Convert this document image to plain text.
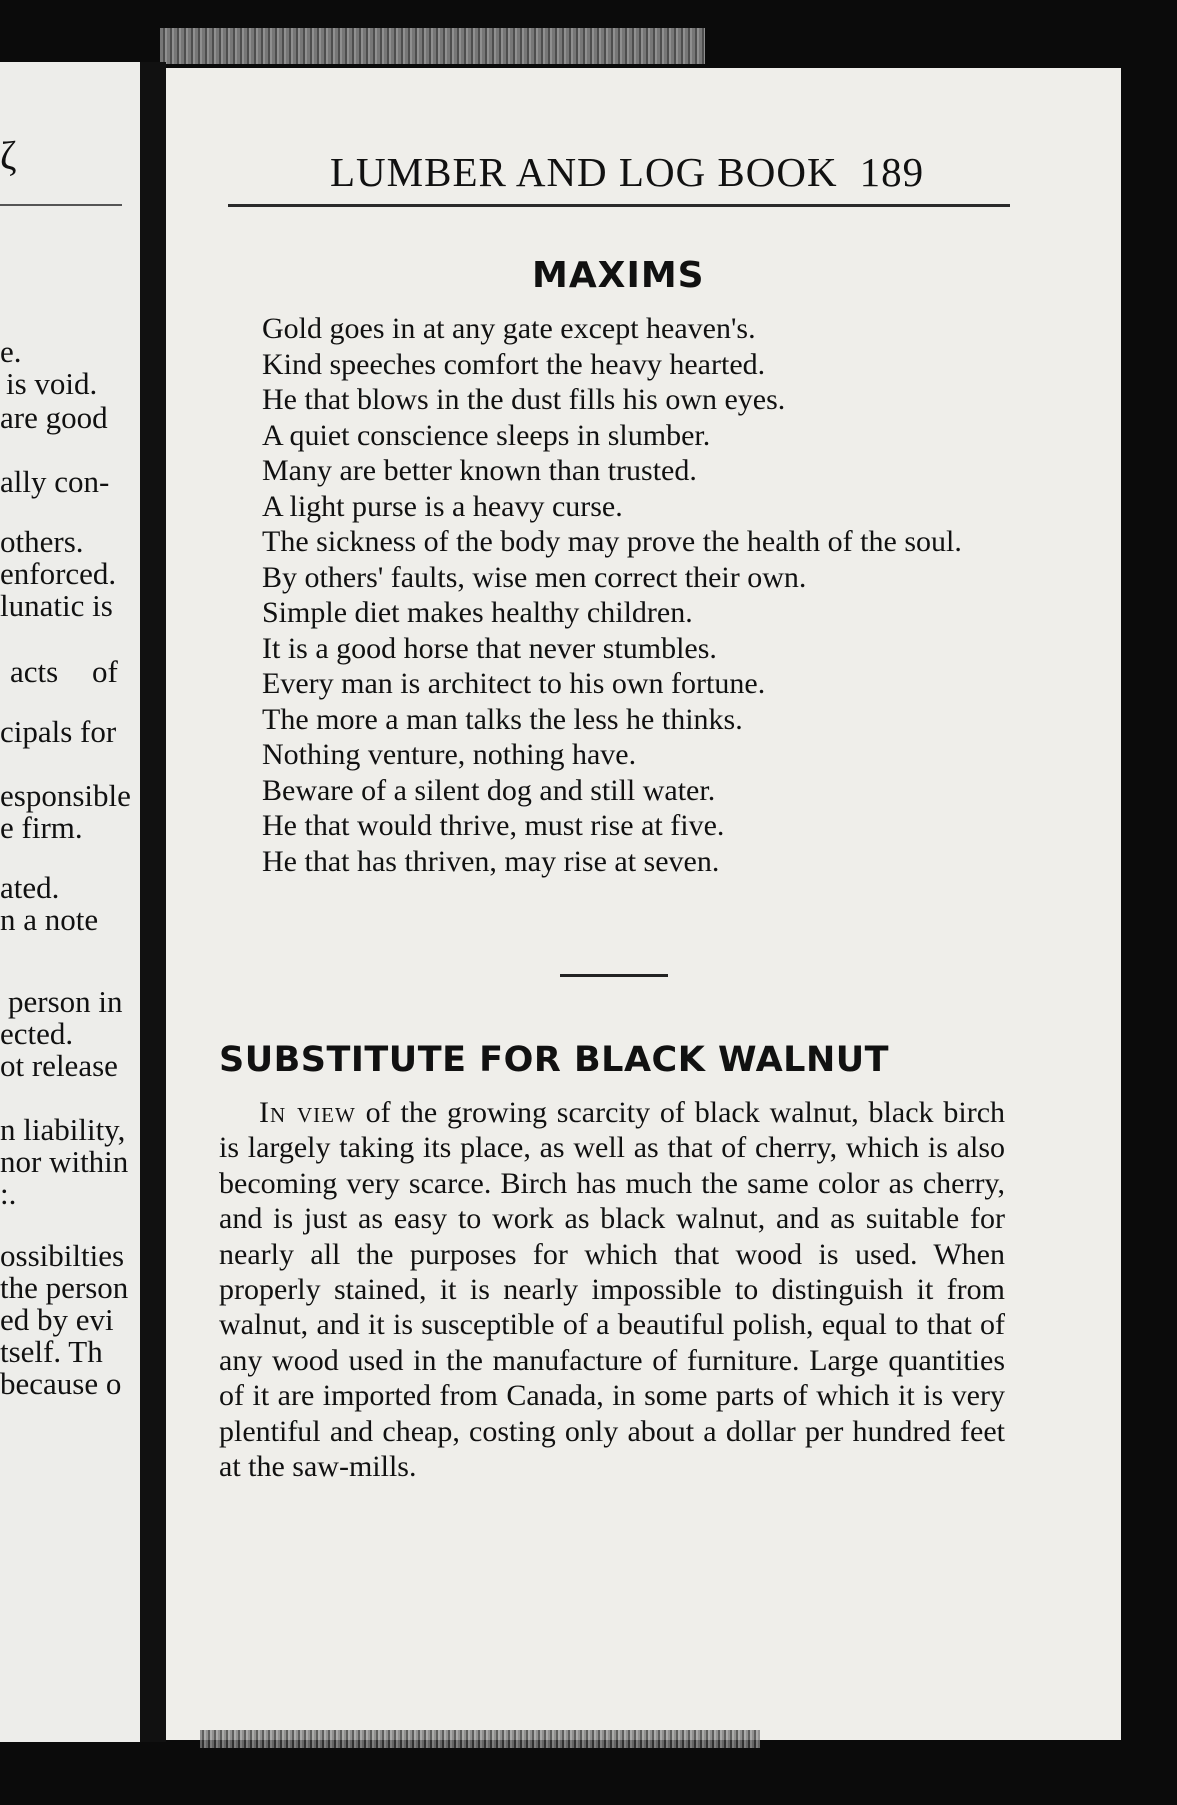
ζ
e.
is void.
are good
ally con-
others.
enforced.
lunatic is
acts of
cipals for
esponsible
e firm.
ated.
n a note
person in
ected.
ot release
n liability,
nor within
:.
ossibilties
the person
ed by evi
tself. Th
because o
LUMBER AND LOG BOOK 189
MAXIMS
Gold goes in at any gate except heaven's.
Kind speeches comfort the heavy hearted.
He that blows in the dust fills his own eyes.
A quiet conscience sleeps in slumber.
Many are better known than trusted.
A light purse is a heavy curse.
The sickness of the body may prove the health of the soul.
By others' faults, wise men correct their own.
Simple diet makes healthy children.
It is a good horse that never stumbles.
Every man is architect to his own fortune.
The more a man talks the less he thinks.
Nothing venture, nothing have.
Beware of a silent dog and still water.
He that would thrive, must rise at five.
He that has thriven, may rise at seven.
SUBSTITUTE FOR BLACK WALNUT

In view of the growing scarcity of black walnut, black birch is largely taking its place, as well as that of cherry, which is also becoming very scarce. Birch has much the same color as cherry, and is just as easy to work as black walnut, and as suitable for nearly all the purposes for which that wood is used. When properly stained, it is nearly impossible to distinguish it from walnut, and it is susceptible of a beautiful polish, equal to that of any wood used in the manufacture of furniture. Large quantities of it are imported from Canada, in some parts of which it is very plentiful and cheap, costing only about a dollar per hundred feet at the saw-mills.
